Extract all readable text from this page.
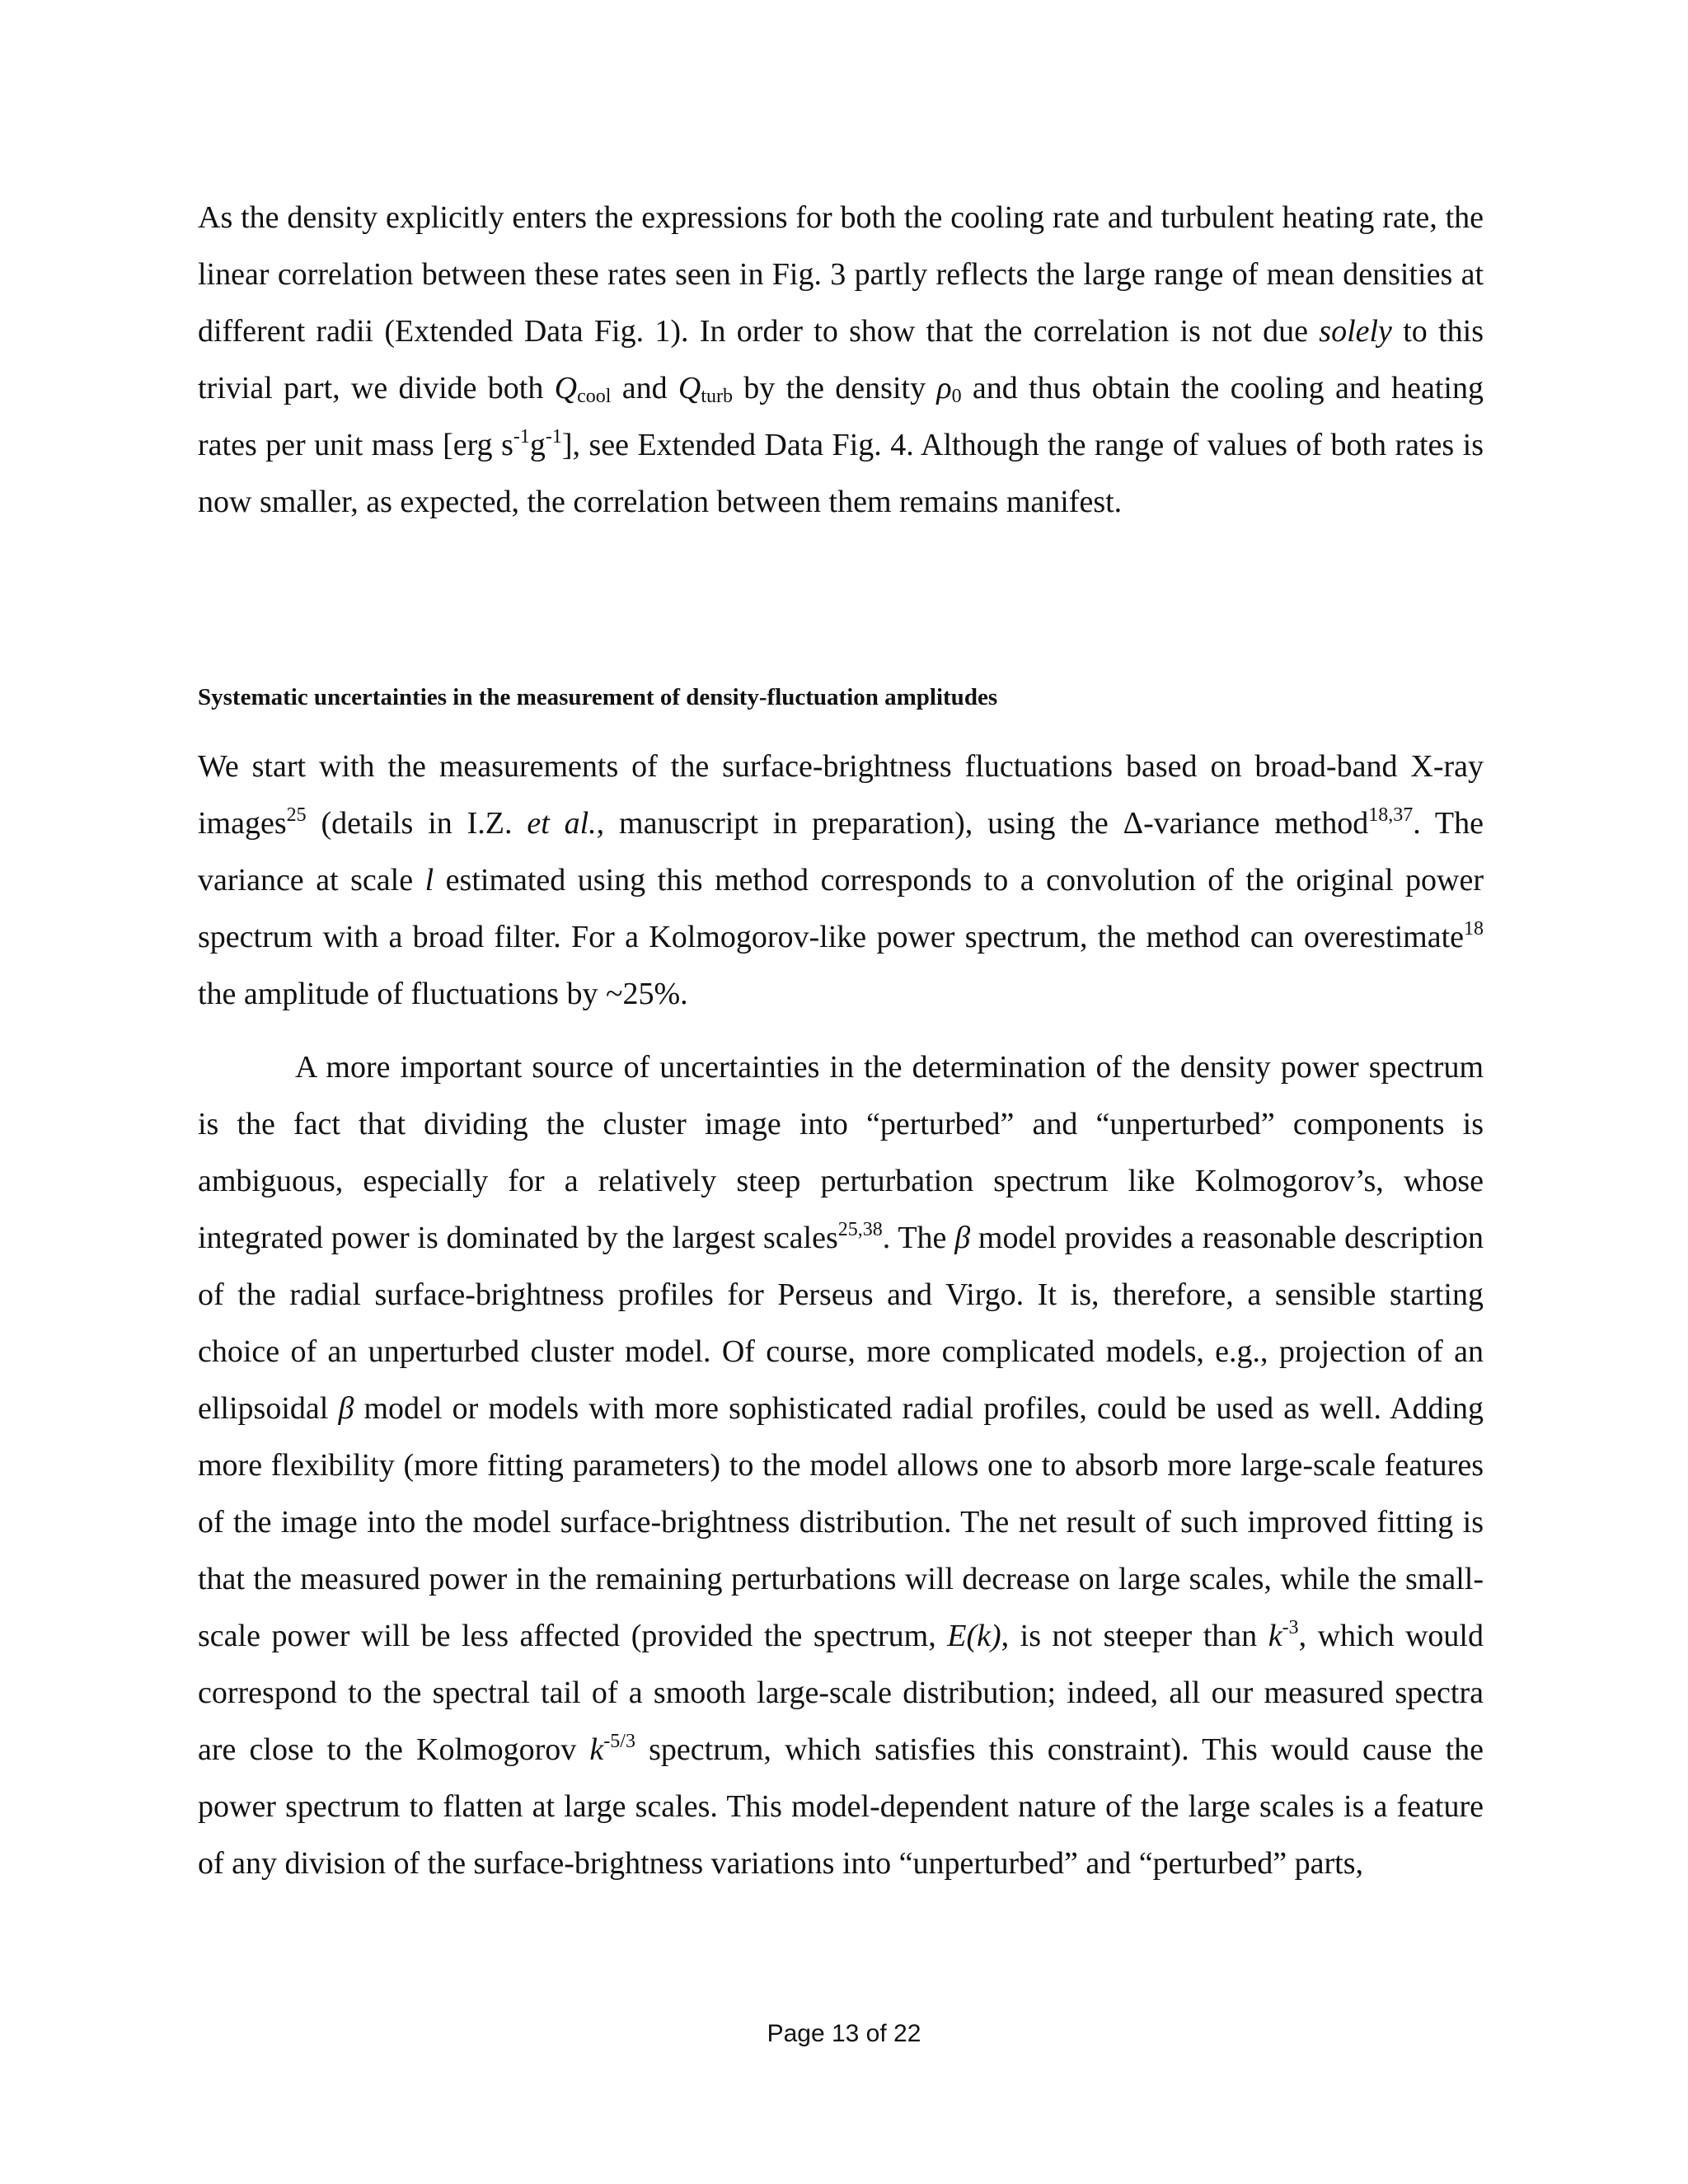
As the density explicitly enters the expressions for both the cooling rate and turbulent heating rate, the linear correlation between these rates seen in Fig. 3 partly reflects the large range of mean densities at different radii (Extended Data Fig. 1). In order to show that the correlation is not due solely to this trivial part, we divide both $Q_{cool}$ and $Q_{turb}$ by the density $\rho_0$ and thus obtain the cooling and heating rates per unit mass [erg $s^{-1}g^{-1}$], see Extended Data Fig. 4. Although the range of values of both rates is now smaller, as expected, the correlation between them remains manifest.

Systematic uncertainties in the measurement of density-fluctuation amplitudes

We start with the measurements of the surface-brightness fluctuations based on broad-band X-ray images$^{25}$ (details in I.Z. et al., manuscript in preparation), using the Δ-variance method$^{18,37}$. The variance at scale l estimated using this method corresponds to a convolution of the original power spectrum with a broad filter. For a Kolmogorov-like power spectrum, the method can overestimate$^{18}$ the amplitude of fluctuations by ~25%.

A more important source of uncertainties in the determination of the density power spectrum is the fact that dividing the cluster image into “perturbed” and “unperturbed” components is ambiguous, especially for a relatively steep perturbation spectrum like Kolmogorov’s, whose integrated power is dominated by the largest scales$^{25,38}$. The β model provides a reasonable description of the radial surface-brightness profiles for Perseus and Virgo. It is, therefore, a sensible starting choice of an unperturbed cluster model. Of course, more complicated models, e.g., projection of an ellipsoidal β model or models with more sophisticated radial profiles, could be used as well. Adding more flexibility (more fitting parameters) to the model allows one to absorb more large-scale features of the image into the model surface-brightness distribution. The net result of such improved fitting is that the measured power in the remaining perturbations will decrease on large scales, while the small-scale power will be less affected (provided the spectrum, E(k), is not steeper than $k^{-3}$, which would correspond to the spectral tail of a smooth large-scale distribution; indeed, all our measured spectra are close to the Kolmogorov $k^{-5/3}$ spectrum, which satisfies this constraint). This would cause the power spectrum to flatten at large scales. This model-dependent nature of the large scales is a feature of any division of the surface-brightness variations into “unperturbed” and “perturbed” parts,

Page 13 of 22
